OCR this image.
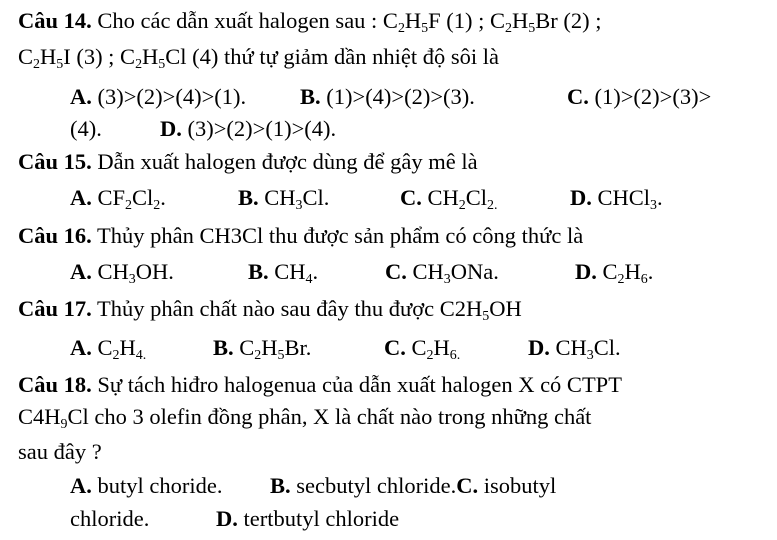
Câu 14. Cho các dẫn xuất halogen sau : $C_2H_5F$ (1) ; $C_2H_5Br$ (2) ;
$C_2H_5I$ (3) ; $C_2H_5Cl$ (4) thứ tự giảm dần nhiệt độ sôi là
A. (3)>(2)>(4)>(1). B. (1)>(4)>(2)>(3).	C. (1)>(2)>(3)>
(4).	D. (3)>(2)>(1)>(4).
Câu 15. Dẫn xuất halogen được dùng để gây mê là
A. $CF_2Cl_2$.	B. $CH_3Cl$.	C. $CH_2Cl_{2.}$	D. CHCl$_3$.
Câu 16. Thủy phân CH3Cl thu được sản phẩm có công thức là
A. $CH_3OH$.	B. $CH_4$.	C. $CH_3ONa$.	D. $C_2H_6$.
Câu 17. Thủy phân chất nào sau đây thu được $C2H_5OH$
A. $C_2H_{4.}$	B. $C_2H_5Br$.	C. $C_2H_{6.}$	D. $CH_3Cl$.
Câu 18. Sự tách hiđro halogenua của dẫn xuất halogen X có CTPT
$C4H_9Cl$ cho 3 olefin đồng phân, X là chất nào trong những chất
sau đây ?
A. butyl choride. B. secbutyl chloride.C. isobutyl
chloride.	D. tertbutyl chloride
